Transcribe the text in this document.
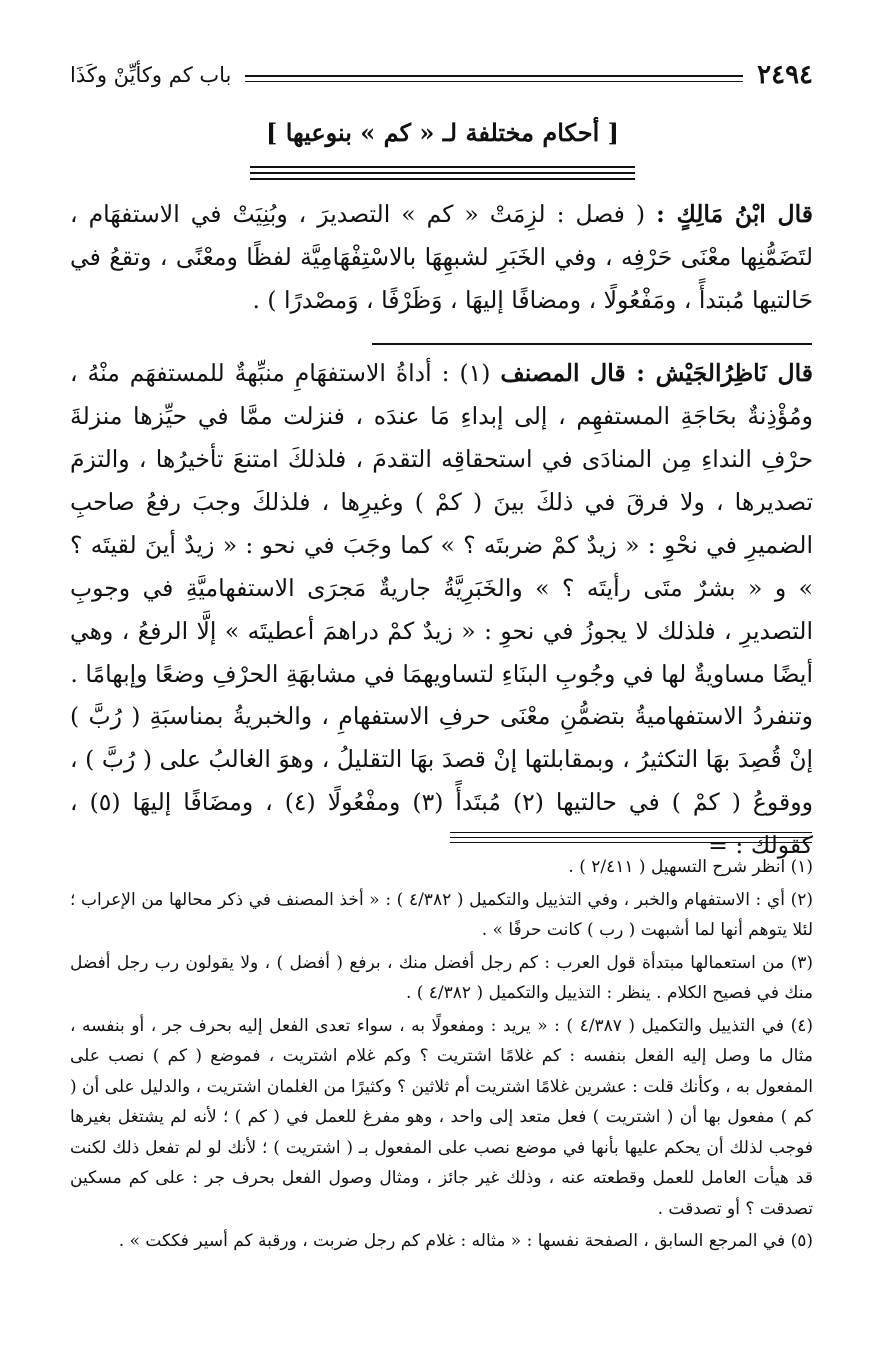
٢٤٩٤
باب كم وكأيِّنْ وكَذَا
[ أحكام مختلفة لـ « كم » بنوعيها ]

قال ابْنُ مَالِكٍ : ( فصل : لزِمَتْ « كم » التصديرَ ، وبُنِيَتْ في الاستفهَام ، لتَضَمُّنِها معْنَى حَرْفِه ، وفي الخَبَرِ لشبهِهَا بالاسْتِفْهَامِيَّة لفظًا ومعْنًى ، وتقعُ في حَالتيها مُبتدأً ، ومَفْعُولًا ، ومضافًا إليهَا ، وَظَرْفًا ، وَمصْدرًا ) .

قال نَاظِرُالجَيْش : قال المصنف (١) : أداةُ الاستفهَامِ منبِّهةٌ للمستفهَم منْهُ ، ومُؤْذِنةٌ بحَاجَةِ المستفهِم ، إلى إبداءِ مَا عندَه ، فنزلت ممَّا في حيِّزها منزلةَ حرْفِ النداءِ مِن المنادَى في استحقاقِه التقدمَ ، فلذلكَ امتنعَ تأخيرُها ، والتزمَ تصديرها ، ولا فرقَ في ذلكَ بينَ ( كمْ ) وغيرِها ، فلذلكَ وجبَ رفعُ صاحبِ الضميرِ في نحْوِ : « زيدٌ كمْ ضربتَه ؟ » كما وجَبَ في نحو : « زيدٌ أينَ لقيتَه ؟ » و « بشرٌ متَى رأيتَه ؟ » والخَبَرِيَّةُ جاريةٌ مَجرَى الاستفهاميَّةِ في وجوبِ التصديرِ ، فلذلك لا يجوزُ في نحوِ : « زيدٌ كمْ دراهمَ أعطيتَه » إلَّا الرفعُ ، وهي أيضًا مساويةٌ لها في وجُوبِ البنَاءِ لتساويهمَا في مشابهَةِ الحرْفِ وضعًا وإبهامًا .

وتنفردُ الاستفهاميةُ بتضمُّنِ معْنَى حرفِ الاستفهامِ ، والخبريةُ بمناسبَةِ ( رُبَّ ) إنْ قُصِدَ بهَا التكثيرُ ، وبمقابلتها إنْ قصدَ بهَا التقليلُ ، وهوَ الغالبُ على ( رُبَّ ) ، ووقوعُ ( كمْ ) في حالتيها (٢) مُبتَدأً (٣) ومفْعُولًا (٤) ، ومضَافًا إليهَا (٥) ، كقولك : =

(١) انظر شرح التسهيل ( ٢/٤١١ ) .

(٢) أي : الاستفهام والخبر ، وفي التذييل والتكميل ( ٤/٣٨٢ ) : « أخذ المصنف في ذكر محالها من الإعراب ؛ لئلا يتوهم أنها لما أشبهت ( رب ) كانت حرفًا » .

(٣) من استعمالها مبتدأة قول العرب : كم رجل أفضل منك ، برفع ( أفضل ) ، ولا يقولون رب رجل أفضل منك في فصيح الكلام . ينظر : التذييل والتكميل ( ٤/٣٨٢ ) .

(٤) في التذييل والتكميل ( ٤/٣٨٧ ) : « يريد : ومفعولًا به ، سواء تعدى الفعل إليه بحرف جر ، أو بنفسه ، مثال ما وصل إليه الفعل بنفسه : كم غلامًا اشتريت ؟ وكم غلام اشتريت ، فموضع ( كم ) نصب على المفعول به ، وكأنك قلت : عشرين غلامًا اشتريت أم ثلاثين ؟ وكثيرًا من الغلمان اشتريت ، والدليل على أن ( كم ) مفعول بها أن ( اشتريت ) فعل متعد إلى واحد ، وهو مفرغ للعمل في ( كم ) ؛ لأنه لم يشتغل بغيرها فوجب لذلك أن يحكم عليها بأنها في موضع نصب على المفعول بـ ( اشتريت ) ؛ لأنك لو لم تفعل ذلك لكنت قد هيأت العامل للعمل وقطعته عنه ، وذلك غير جائز ، ومثال وصول الفعل بحرف جر : على كم مسكين تصدقت ؟ أو تصدقت .

(٥) في المرجع السابق ، الصفحة نفسها : « مثاله : غلام كم رجل ضربت ، ورقبة كم أسير فككت » .
